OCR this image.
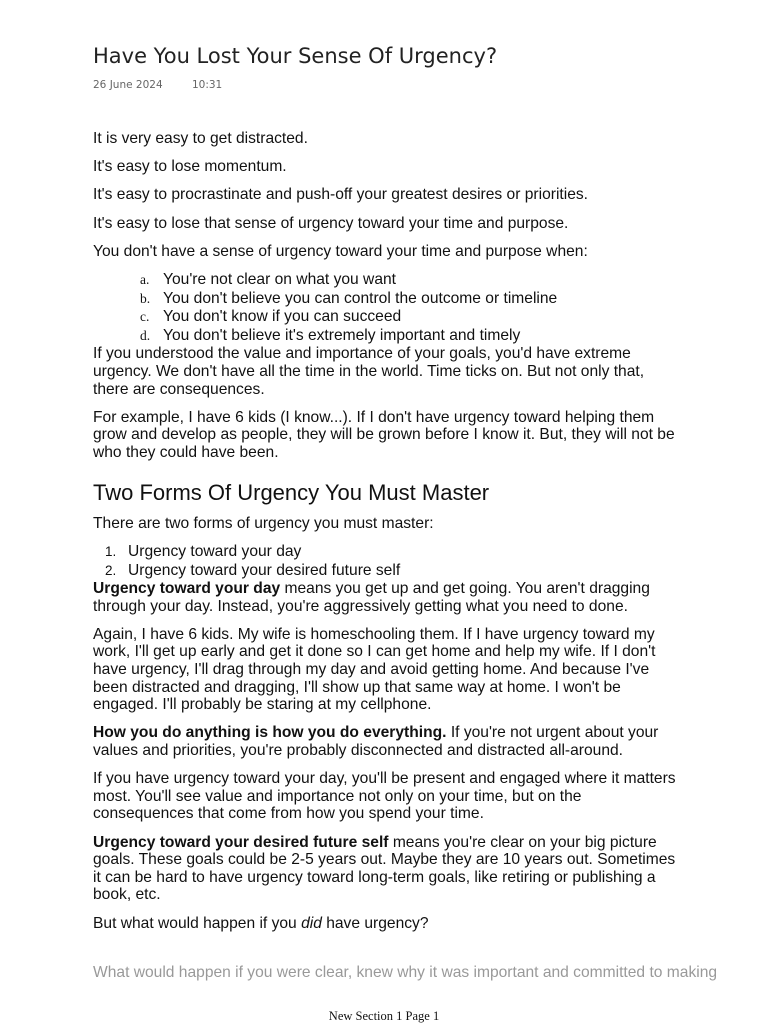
Have You Lost Your Sense Of Urgency?
26 June 2024	10:31

It is very easy to get distracted.

It's easy to lose momentum.

It's easy to procrastinate and push-off your greatest desires or priorities.

It's easy to lose that sense of urgency toward your time and purpose.

You don't have a sense of urgency toward your time and purpose when:

a. You're not clear on what you want
b. You don't believe you can control the outcome or timeline
c. You don't know if you can succeed
d. You don't believe it's extremely important and timely

If you understood the value and importance of your goals, you'd have extreme urgency. We don't have all the time in the world. Time ticks on. But not only that, there are consequences.

For example, I have 6 kids (I know...). If I don't have urgency toward helping them grow and develop as people, they will be grown before I know it. But, they will not be who they could have been.

Two Forms Of Urgency You Must Master

There are two forms of urgency you must master:

1. Urgency toward your day
2. Urgency toward your desired future self

Urgency toward your day means you get up and get going. You aren't dragging through your day. Instead, you're aggressively getting what you need to done.

Again, I have 6 kids. My wife is homeschooling them. If I have urgency toward my work, I'll get up early and get it done so I can get home and help my wife. If I don't have urgency, I'll drag through my day and avoid getting home. And because I've been distracted and dragging, I'll show up that same way at home. I won't be engaged. I'll probably be staring at my cellphone.

How you do anything is how you do everything. If you're not urgent about your values and priorities, you're probably disconnected and distracted all-around.

If you have urgency toward your day, you'll be present and engaged where it matters most. You'll see value and importance not only on your time, but on the consequences that come from how you spend your time.

Urgency toward your desired future self means you're clear on your big picture goals. These goals could be 2-5 years out. Maybe they are 10 years out. Sometimes it can be hard to have urgency toward long-term goals, like retiring or publishing a book, etc.

But what would happen if you did have urgency?

What would happen if you were clear, knew why it was important and committed to making
New Section 1 Page 1
